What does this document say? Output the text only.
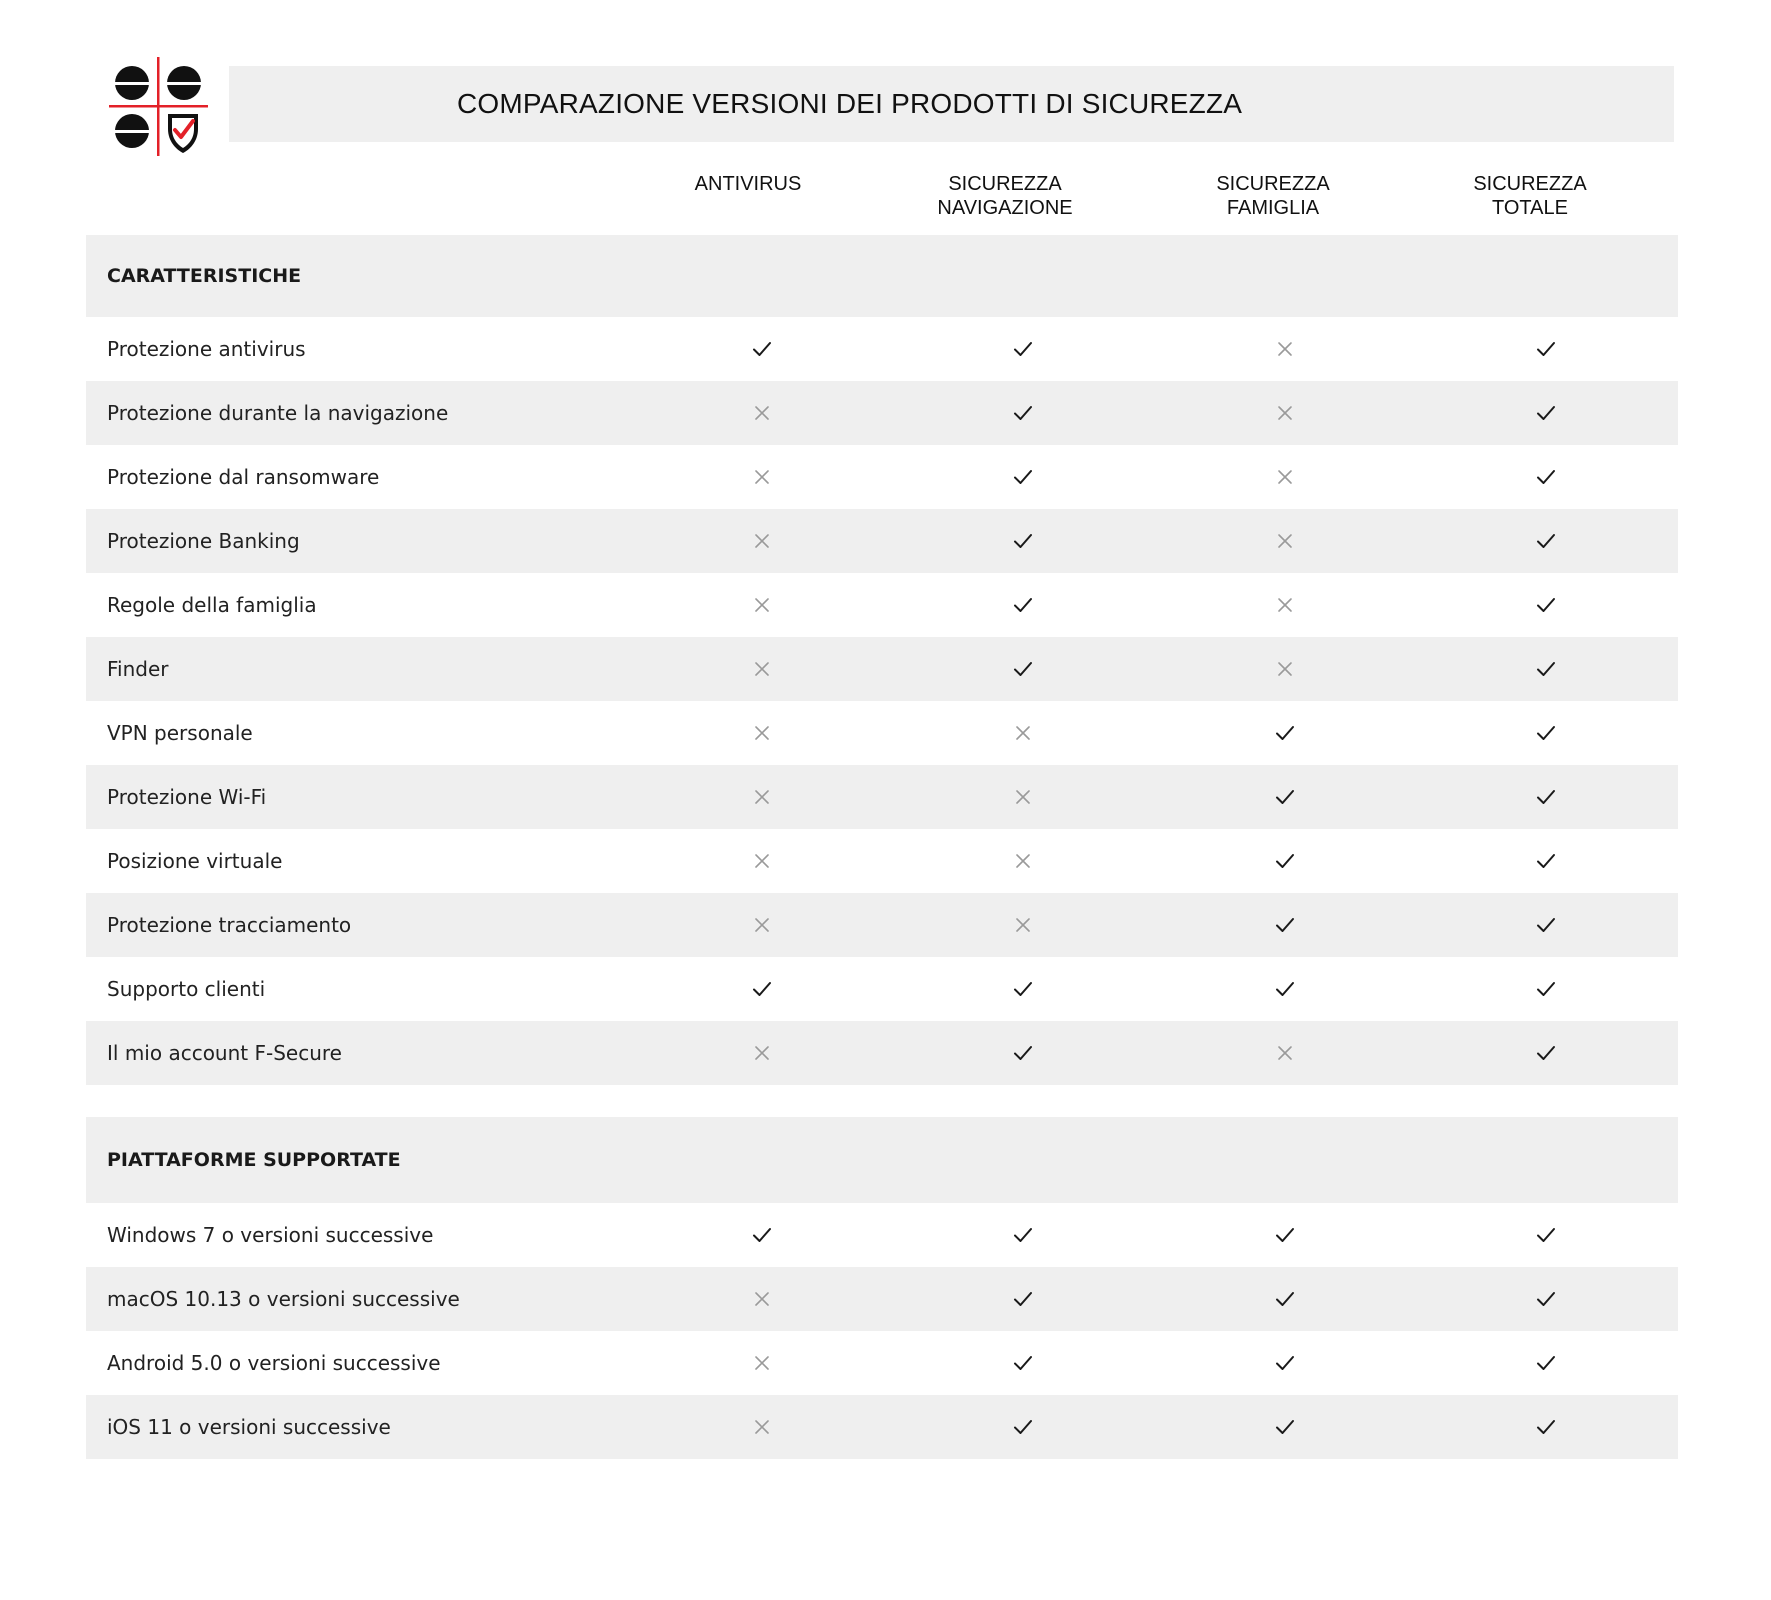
COMPARAZIONE VERSIONI DEI PRODOTTI DI SICUREZZA
ANTIVIRUS	SICUREZZA
NAVIGAZIONE
SICUREZZA
FAMIGLIA
SICUREZZA
TOTALE
CARATTERISTICHE
Protezione antivirus
Protezione durante la navigazione
Protezione dal ransomware
Protezione Banking
Regole della famiglia
Finder
VPN personale
Protezione Wi-Fi
Posizione virtuale
Protezione tracciamento
Supporto clienti
Il mio account F-Secure
PIATTAFORME SUPPORTATE
Windows 7 o versioni successive
macOS 10.13 o versioni successive
Android 5.0 o versioni successive
iOS 11 o versioni successive
